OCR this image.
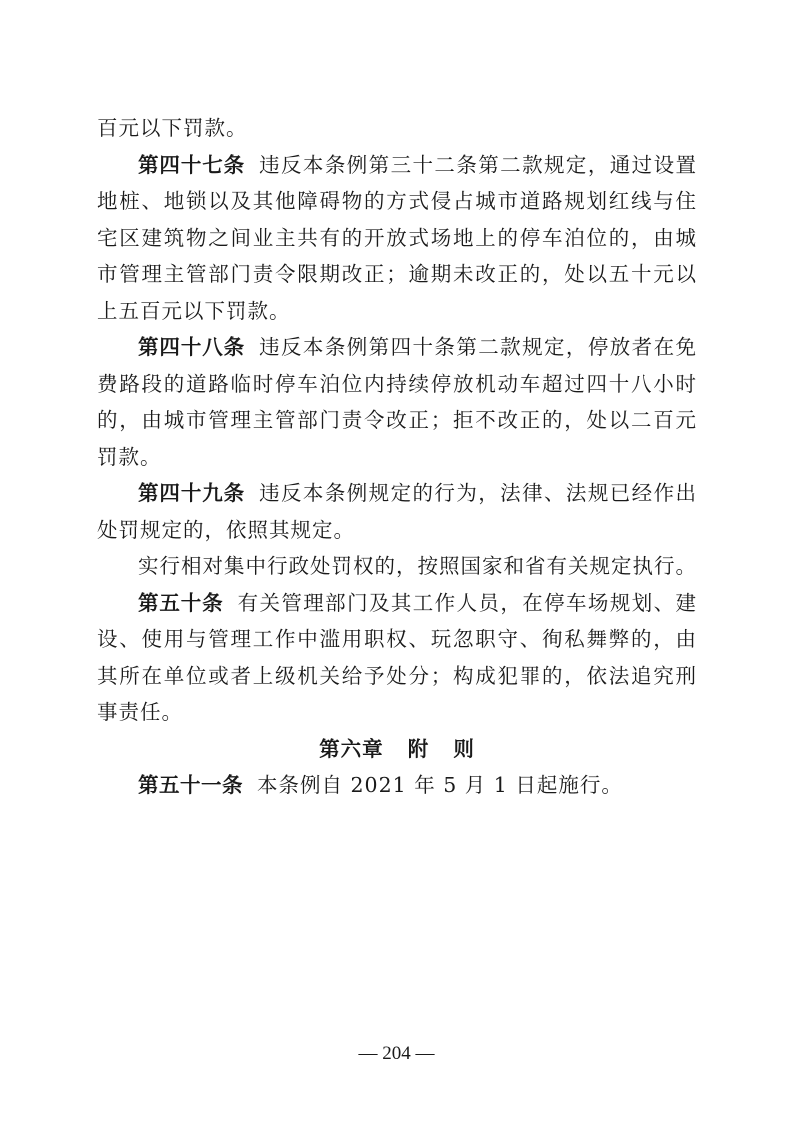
百元以下罚款。

第四十七条 违反本条例第三十二条第二款规定，通过设置地桩、地锁以及其他障碍物的方式侵占城市道路规划红线与住宅区建筑物之间业主共有的开放式场地上的停车泊位的，由城市管理主管部门责令限期改正；逾期未改正的，处以五十元以上五百元以下罚款。

第四十八条 违反本条例第四十条第二款规定，停放者在免费路段的道路临时停车泊位内持续停放机动车超过四十八小时的，由城市管理主管部门责令改正；拒不改正的，处以二百元罚款。

第四十九条 违反本条例规定的行为，法律、法规已经作出处罚规定的，依照其规定。

实行相对集中行政处罚权的，按照国家和省有关规定执行。

第五十条 有关管理部门及其工作人员，在停车场规划、建设、使用与管理工作中滥用职权、玩忽职守、徇私舞弊的，由其所在单位或者上级机关给予处分；构成犯罪的，依法追究刑事责任。

第六章 附 则

第五十一条 本条例自 2021 年 5 月 1 日起施行。

— 204 —
